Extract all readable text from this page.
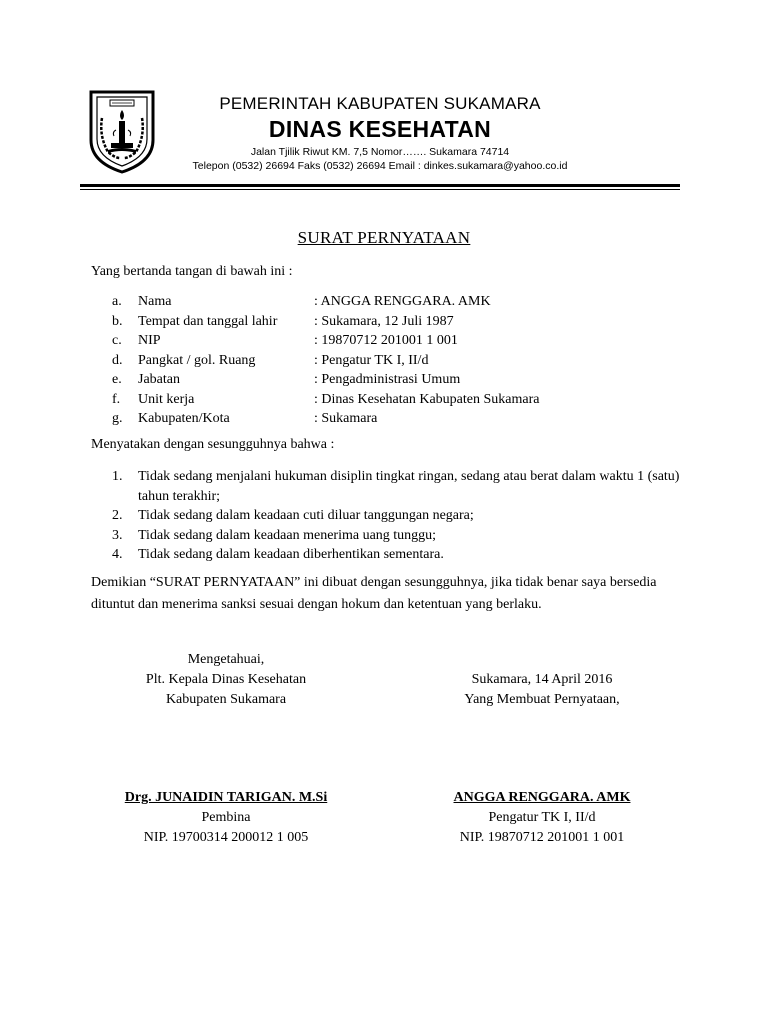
PEMERINTAH KABUPATEN SUKAMARA
DINAS KESEHATAN
Jalan Tjilik Riwut KM. 7,5 Nomor……. Sukamara 74714
Telepon (0532) 26694 Faks (0532) 26694 Email : dinkes.sukamara@yahoo.co.id
SURAT PERNYATAAN
Yang bertanda tangan di bawah ini :
a. Nama	: ANGGA RENGGARA. AMK
b. Tempat dan tanggal lahir	: Sukamara, 12 Juli 1987
c. NIP	: 19870712 201001 1 001
d. Pangkat / gol. Ruang	: Pengatur TK I, II/d
e. Jabatan	: Pengadministrasi Umum
f. Unit kerja	: Dinas Kesehatan Kabupaten Sukamara
g. Kabupaten/Kota	: Sukamara
Menyatakan dengan sesungguhnya bahwa :
1. Tidak sedang menjalani hukuman disiplin tingkat ringan, sedang atau berat dalam waktu 1 (satu) tahun terakhir;
2. Tidak sedang dalam keadaan cuti diluar tanggungan negara;
3. Tidak sedang dalam keadaan menerima uang tunggu;
4. Tidak sedang dalam keadaan diberhentikan sementara.
Demikian “SURAT PERNYATAAN” ini dibuat dengan sesungguhnya, jika tidak benar saya bersedia dituntut dan menerima sanksi sesuai dengan hokum dan ketentuan yang berlaku.
Mengetahuai,
Plt. Kepala Dinas Kesehatan
Kabupaten Sukamara
Sukamara, 14 April 2016
Yang Membuat Pernyataan,
Drg. JUNAIDIN TARIGAN. M.Si
Pembina
NIP. 19700314 200012 1 005
ANGGA RENGGARA. AMK
Pengatur TK I, II/d
NIP. 19870712 201001 1 001
